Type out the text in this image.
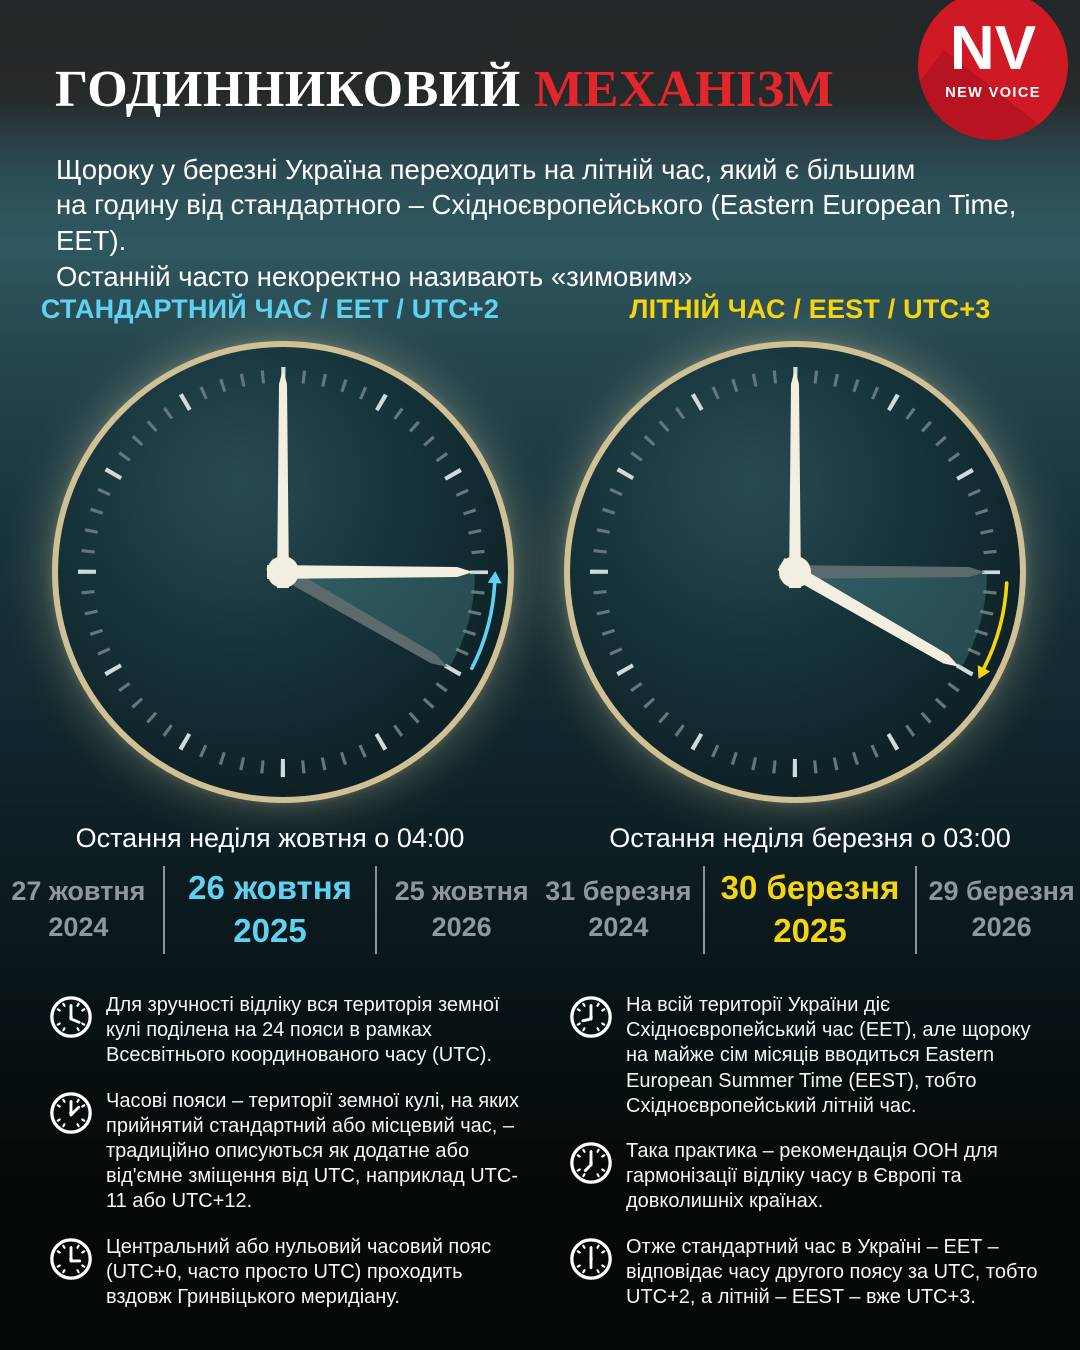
ГОДИННИКОВИЙ МЕХАНІЗМ
NV
NEW VOICE

Щороку у березні Україна переходить на літній час, який є більшим
на годину від стандартного – Східноєвропейського (Eastern European Time, EET).
Останній часто некоректно називають «зимовим»

СТАНДАРТНИЙ ЧАС / EET / UTC+2
Остання неділя жовтня о 04:00
27 жовтня
2024
26 жовтня
2025
25 жовтня
2026
ЛІТНІЙ ЧАС / EEST / UTC+3
Остання неділя березня о 03:00
31 березня
2024
30 березня
2025
29 березня
2026
Для зручності відліку вся територія земної кулі поділена на 24 пояси в рамках Всесвітнього координованого часу (UTC).
Часові пояси – території земної кулі, на яких прийнятий стандартний або місцевий час, – традиційно описуються як додатне або від'ємне зміщення від UTC, наприклад UTC-11 або UTC+12.
Центральний або нульовий часовий пояс (UTC+0, часто просто UTC) проходить вздовж Гринвіцького меридіану.
На всій території України діє Східноєвропейський час (EET), але щороку на майже сім місяців вводиться Eastern European Summer Time (EEST), тобто Східноєвропейський літній час.
Така практика – рекомендація ООН для гармонізації відліку часу в Європі та довколишніх країнах.
Отже стандартний час в Україні – EET – відповідає часу другого поясу за UTC, тобто UTC+2, а літній – EEST – вже UTC+3.
